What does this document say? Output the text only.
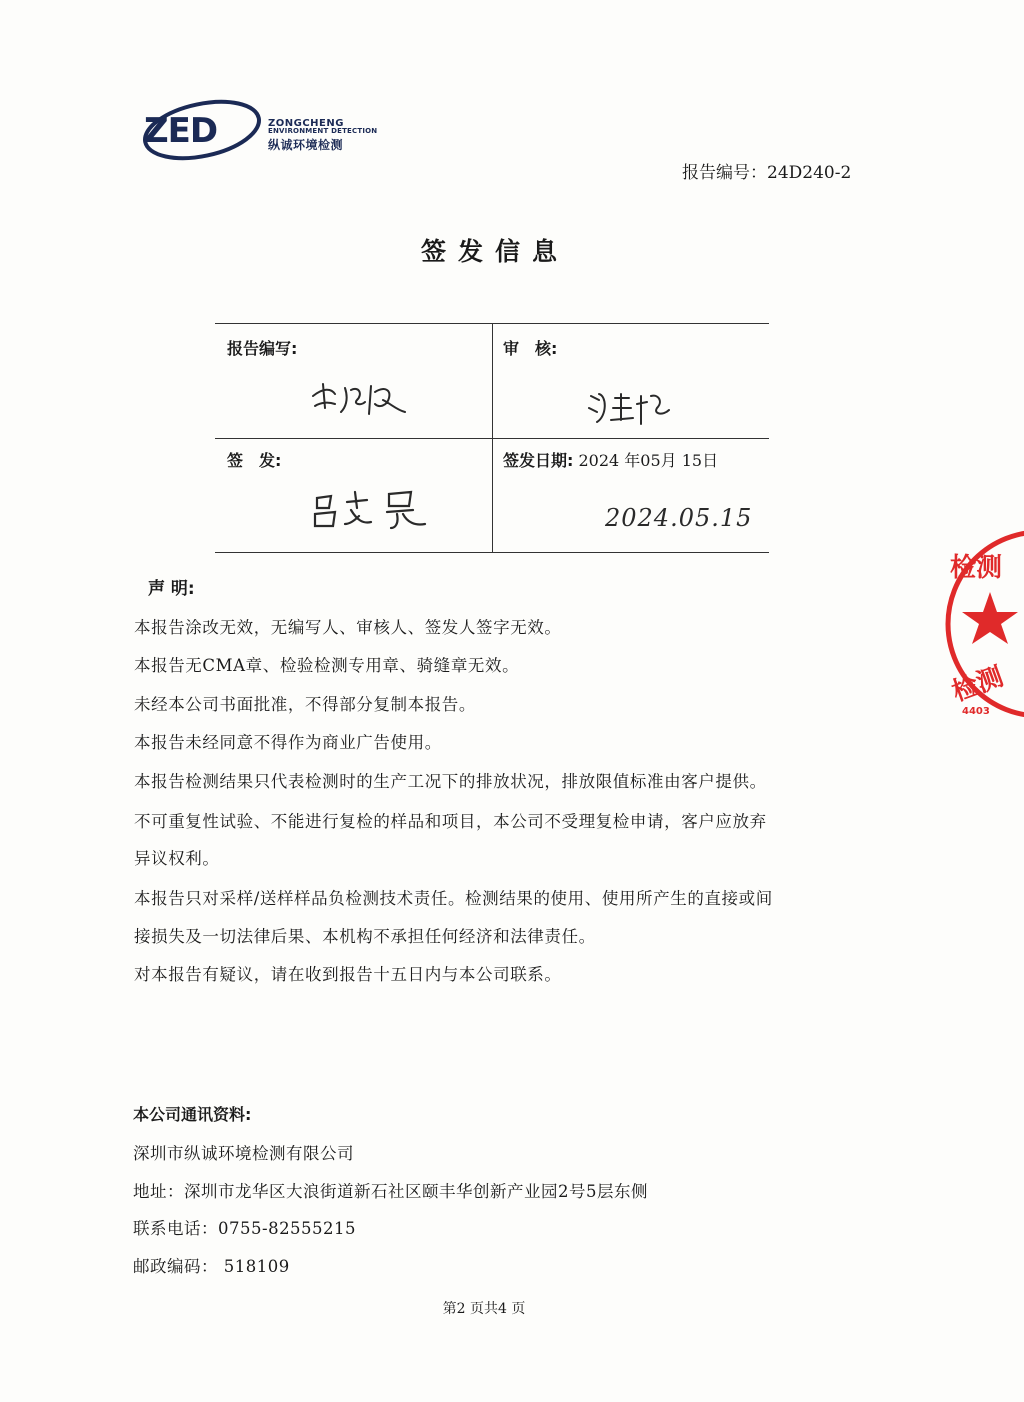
ZED	ZONGCHENG
ENVIRONMENT DETECTION
纵诚环境检测
报告编号：24D240-2
签发信息
报告编写:	审　核:
签　发:	签发日期: 2024 年05月 15日
2024.05.15
声 明:
本报告涂改无效，无编写人、审核人、签发人签字无效。
本报告无CMA章、检验检测专用章、骑缝章无效。
未经本公司书面批准，不得部分复制本报告。
本报告未经同意不得作为商业广告使用。
本报告检测结果只代表检测时的生产工况下的排放状况，排放限值标准由客户提供。
不可重复性试验、不能进行复检的样品和项目，本公司不受理复检申请，客户应放弃
异议权利。
本报告只对采样/送样样品负检测技术责任。检测结果的使用、使用所产生的直接或间
接损失及一切法律后果、本机构不承担任何经济和法律责任。
对本报告有疑议，请在收到报告十五日内与本公司联系。
本公司通讯资料:
深圳市纵诚环境检测有限公司
地址：深圳市龙华区大浪街道新石社区颐丰华创新产业园2号5层东侧
联系电话：0755-82555215
邮政编码： 518109
第2 页共4 页
检测
检测
4403
